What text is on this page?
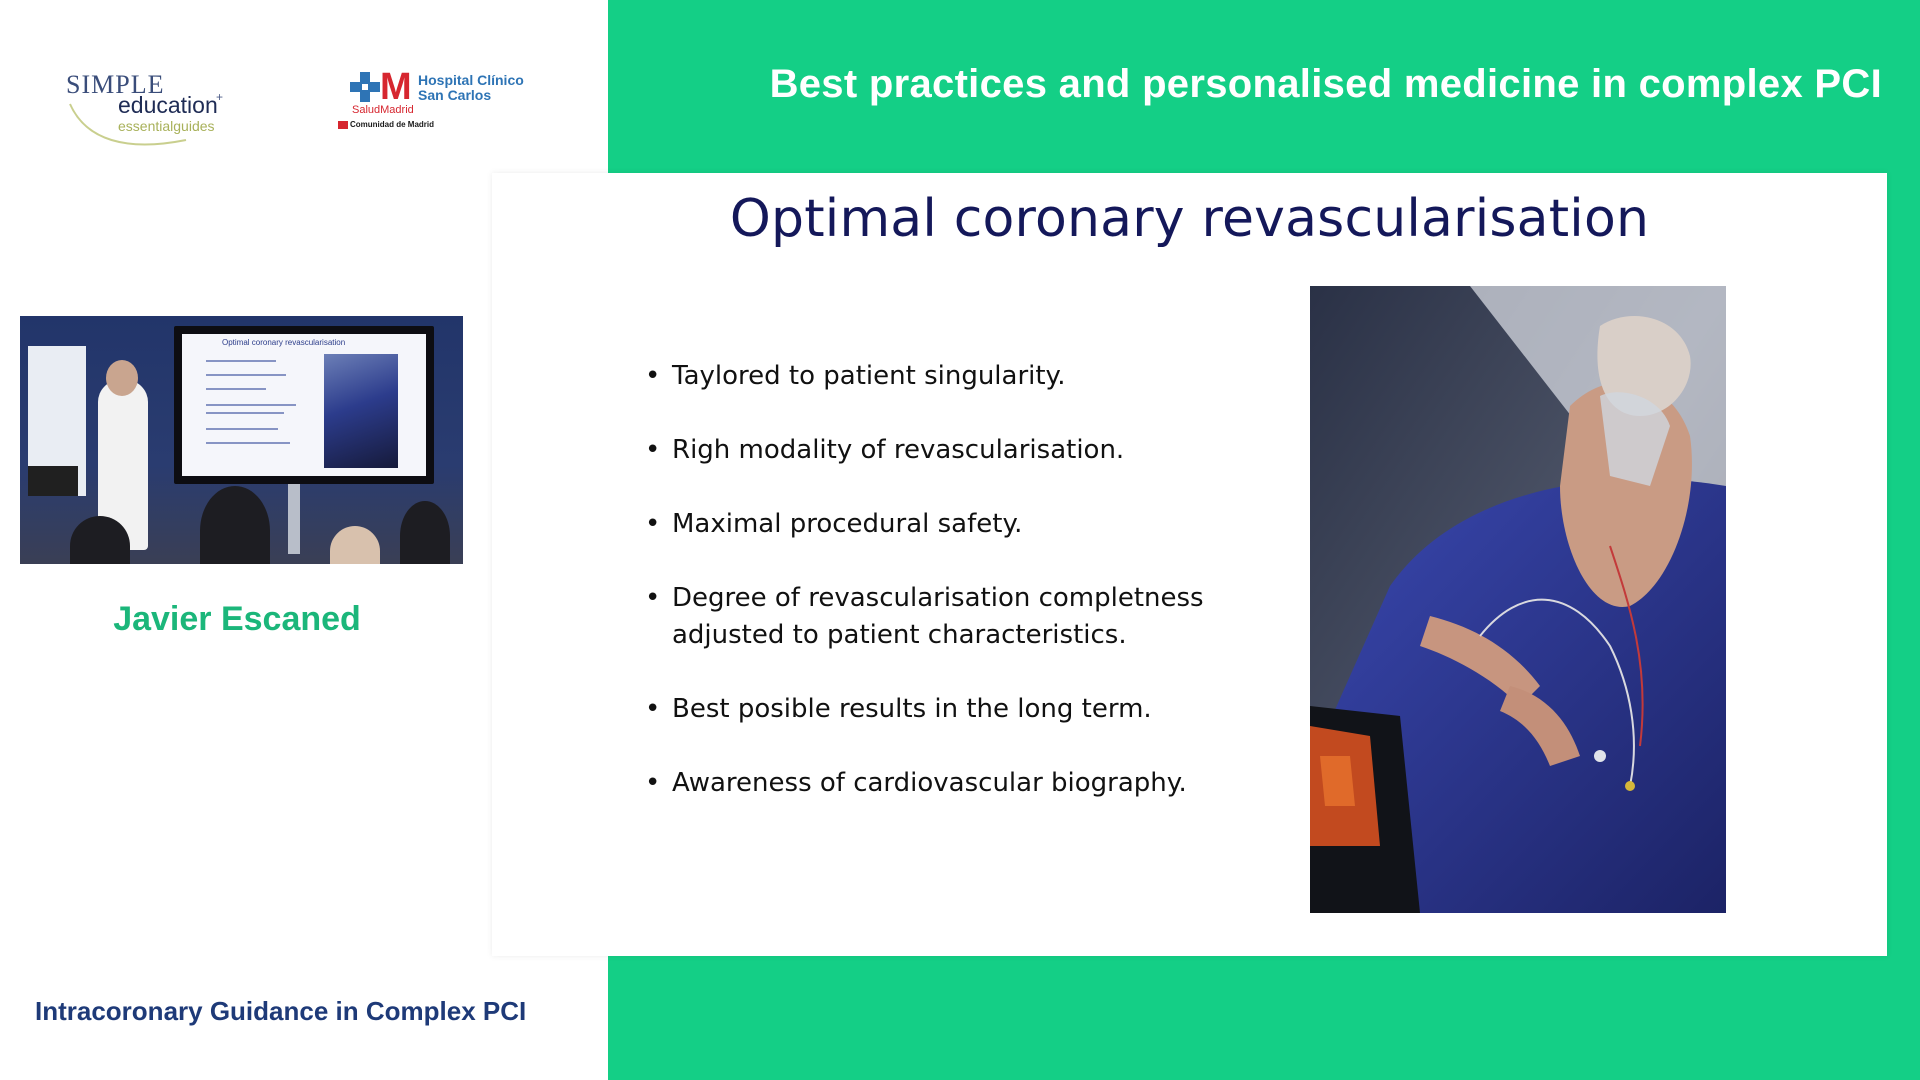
Best practices and personalised medicine in complex PCI
SIMPLE
education
+
essentialguides
M Hospital Clínico
San Carlos
SaludMadrid
Comunidad de Madrid
Optimal coronary revascularisation
Javier Escaned
Intracoronary Guidance in Complex PCI
Optimal coronary revascularisation
• Taylored to patient singularity.
• Righ modality of revascularisation.
• Maximal procedural safety.
• Degree of revascularisation completness adjusted to patient characteristics.
• Best posible results in the long term.
• Awareness of cardiovascular biography.
